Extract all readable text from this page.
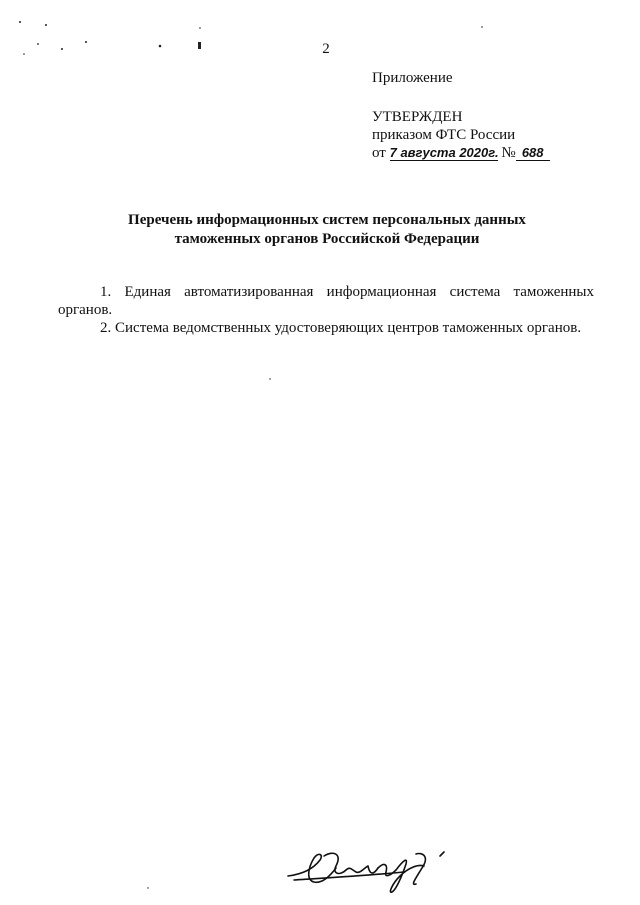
2
Приложение
УТВЕРЖДЕН
приказом ФТС России
от 7 августа 2020г. № 688
Перечень информационных систем персональных данных
таможенных органов Российской Федерации

1. Единая автоматизированная информационная система таможенных органов.

2. Система ведомственных удостоверяющих центров таможенных органов.
